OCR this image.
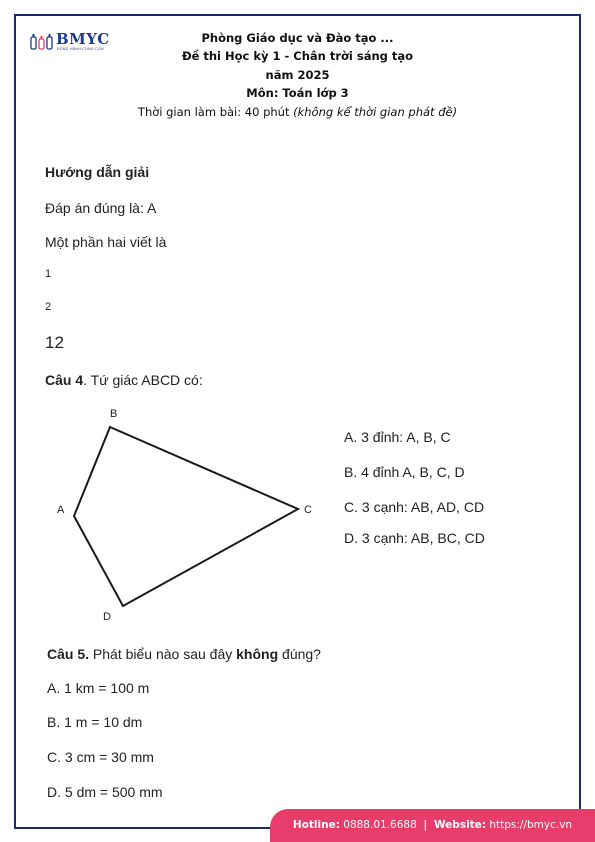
BMYC
ĐỒNG HÀNH CÙNG CON
Phòng Giáo dục và Đào tạo ...
Đề thi Học kỳ 1 - Chân trời sáng tạo
năm 2025
Môn: Toán lớp 3
Thời gian làm bài: 40 phút (không kể thời gian phát đề)
Hướng dẫn giải
Đáp án đúng là: A
Một phần hai viết là
1
2
12
Câu 4. Tứ giác ABCD có:
B
C
A
D
A. 3 đỉnh: A, B, C
B. 4 đỉnh A, B, C, D
C. 3 cạnh: AB, AD, CD
D. 3 cạnh: AB, BC, CD
Câu 5. Phát biểu nào sau đây không đúng?
A. 1 km = 100 m
B. 1 m = 10 dm
C. 3 cm = 30 mm
D. 5 dm = 500 mm
Hotline: 0888.01.6688 | Website: https://bmyc.vn
